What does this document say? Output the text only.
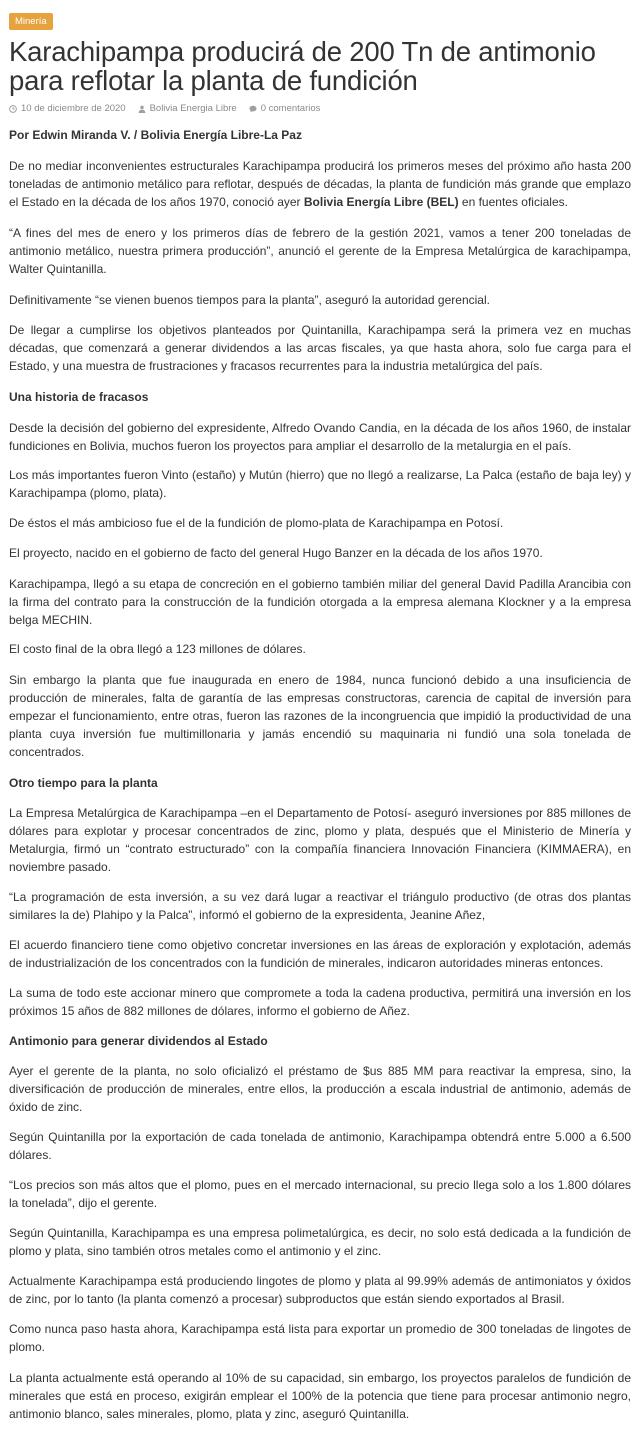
Minería
Karachipampa producirá de 200 Tn de antimonio para reflotar la planta de fundición
10 de diciembre de 2020	Bolivia Energia Libre	0 comentarios

Por Edwin Miranda V. / Bolivia Energía Libre-La Paz

De no mediar inconvenientes estructurales Karachipampa producirá los primeros meses del próximo año hasta 200 toneladas de antimonio metálico para reflotar, después de décadas, la planta de fundición más grande que emplazo el Estado en la década de los años 1970, conoció ayer Bolivia Energía Libre (BEL) en fuentes oficiales.

“A fines del mes de enero y los primeros días de febrero de la gestión 2021, vamos a tener 200 toneladas de antimonio metálico, nuestra primera producción”, anunció el gerente de la Empresa Metalúrgica de karachipampa, Walter Quintanilla.

Definitivamente “se vienen buenos tiempos para la planta”, aseguró la autoridad gerencial.

De llegar a cumplirse los objetivos planteados por Quintanilla, Karachipampa será la primera vez en muchas décadas, que comenzará a generar dividendos a las arcas fiscales, ya que hasta ahora, solo fue carga para el Estado, y una muestra de frustraciones y fracasos recurrentes para la industria metalúrgica del país.

Una historia de fracasos

Desde la decisión del gobierno del expresidente, Alfredo Ovando Candia, en la década de los años 1960, de instalar fundiciones en Bolivia, muchos fueron los proyectos para ampliar el desarrollo de la metalurgia en el país.

Los más importantes fueron Vinto (estaño) y Mutún (hierro) que no llegó a realizarse, La Palca (estaño de baja ley) y Karachipampa (plomo, plata).

De éstos el más ambicioso fue el de la fundición de plomo-plata de Karachipampa en Potosí.

El proyecto, nacido en el gobierno de facto del general Hugo Banzer en la década de los años 1970.

Karachipampa, llegó a su etapa de concreción en el gobierno también miliar del general David Padilla Arancibia con la firma del contrato para la construcción de la fundición otorgada a la empresa alemana Klockner y a la empresa belga MECHIN.

El costo final de la obra llegó a 123 millones de dólares.

Sin embargo la planta que fue inaugurada en enero de 1984, nunca funcionó debido a una insuficiencia de producción de minerales, falta de garantía de las empresas constructoras, carencia de capital de inversión para empezar el funcionamiento, entre otras, fueron las razones de la incongruencia que impidió la productividad de una planta cuya inversión fue multimillonaria y jamás encendió su maquinaria ni fundió una sola tonelada de concentrados.

Otro tiempo para la planta

La Empresa Metalúrgica de Karachipampa –en el Departamento de Potosí- aseguró inversiones por 885 millones de dólares para explotar y procesar concentrados de zinc, plomo y plata, después que el Ministerio de Minería y Metalurgia, firmó un “contrato estructurado” con la compañía financiera Innovación Financiera (KIMMAERA), en noviembre pasado.

“La programación de esta inversión, a su vez dará lugar a reactivar el triángulo productivo (de otras dos plantas similares la de) Plahipo y la Palca”, informó el gobierno de la expresidenta, Jeanine Añez,

El acuerdo financiero tiene como objetivo concretar inversiones en las áreas de exploración y explotación, además de industrialización de los concentrados con la fundición de minerales, indicaron autoridades mineras entonces.

La suma de todo este accionar minero que compromete a toda la cadena productiva, permitirá una inversión en los próximos 15 años de 882 millones de dólares, informo el gobierno de Añez.

Antimonio para generar dividendos al Estado

Ayer el gerente de la planta, no solo oficializó el préstamo de $us 885 MM para reactivar la empresa, sino, la diversificación de producción de minerales, entre ellos, la producción a escala industrial de antimonio, además de óxido de zinc.

Según Quintanilla por la exportación de cada tonelada de antimonio, Karachipampa obtendrá entre 5.000 a 6.500 dólares.

“Los precios son más altos que el plomo, pues en el mercado internacional, su precio llega solo a los 1.800 dólares la tonelada”, dijo el gerente.

Según Quintanilla, Karachipampa es una empresa polimetalúrgica, es decir, no solo está dedicada a la fundición de plomo y plata, sino también otros metales como el antimonio y el zinc.

Actualmente Karachipampa está produciendo lingotes de plomo y plata al 99.99% además de antimoniatos y óxidos de zinc, por lo tanto (la planta comenzó a procesar) subproductos que están siendo exportados al Brasil.

Como nunca paso hasta ahora, Karachipampa está lista para exportar un promedio de 300 toneladas de lingotes de plomo.

La planta actualmente está operando al 10% de su capacidad, sin embargo, los proyectos paralelos de fundición de minerales que está en proceso, exigirán emplear el 100% de la potencia que tiene para procesar antimonio negro, antimonio blanco, sales minerales, plomo, plata y zinc, aseguró Quintanilla.
